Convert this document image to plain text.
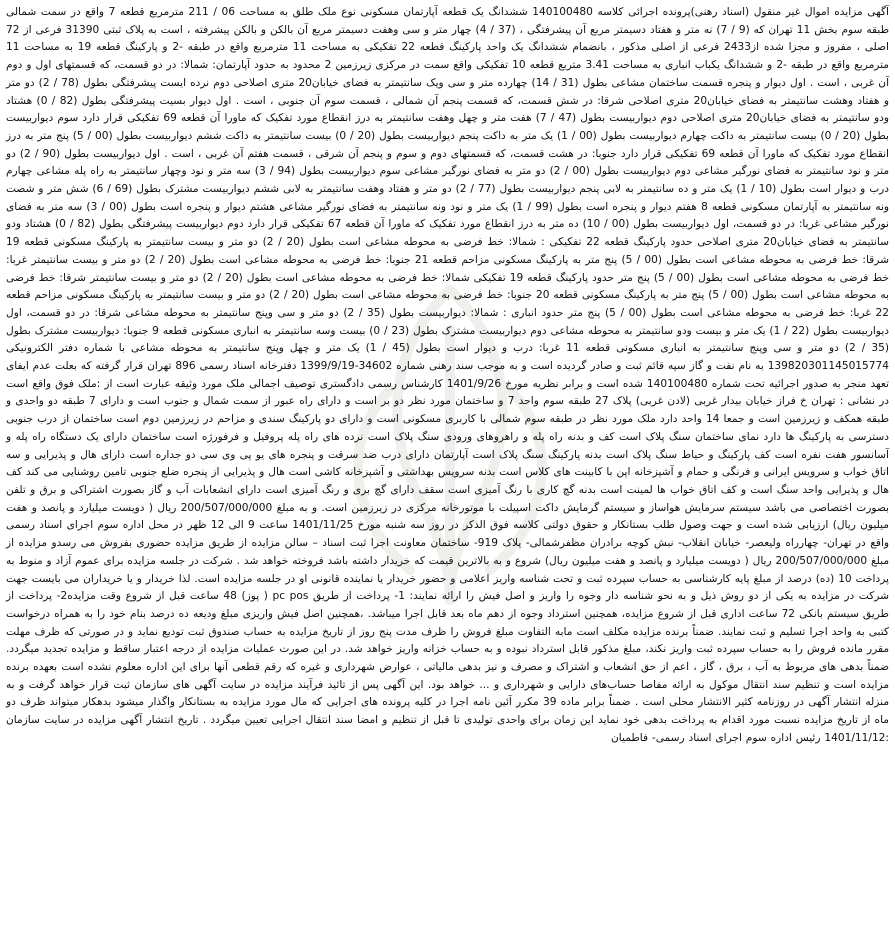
آگهی مزایده اموال غیر منقول (اسناد رهنی)پرونده اجرائی کلاسه 140100480 ششدانگ یک قطعه آپارتمان مسکونی نوع ملک طلق به مساحت 06 / 211 مترمربع قطعه 7 واقع در سمت شمالی طبقه سوم بخش 11 تهران که (9 / 7) نه متر و هفتاد دسیمتر مربع آن پیشرفتگی ، (37 / 4) چهار متر و سی وهفت دسیمتر مربع آن بالکن و بالکن پیشرفته ، است به پلاک ثبتی 31390 فرعی از 72 اصلی ، مفروز و مجزا شده از2433 فرعی از اصلی مذکور ، بانضمام ششدانگ یک واحد پارکینگ قطعه 22 تفکیکی به مساحت 11 مترمربع واقع در طبقه -2 و پارکینگ قطعه 19 به مساحت 11 مترمربع واقع در طبقه -2 و ششدانگ یکباب انباری به مساحت 3.41 متربع قطعه 10 تفکیکی واقع سمت در مرکزی زیرزمین 2 محدود به حدود آپارتمان: شمالا: در دو قسمت، که قسمتهای اول و دوم آن غربی ، است . اول دیوار و پنجره قسمت ساختمان مشاعی بطول (31 / 14) چهارده متر و سی ویک سانتیمتر به فضای خیابان20 متری اصلاحی دوم نرده ایست پیشرفتگی بطول (78 / 2) دو متر و هفتاد وهشت سانتیمتر به فضای خیابان20 متری اصلاحی شرقا: در شش قسمت، که قسمت پنجم آن شمالی ، قسمت سوم آن جنوبی ، است . اول دیوار بسیت پیشرفتگی بطول (82 / 0) هشتاد ودو سانتیمتر به فضای خیابان20 متری اصلاحی دوم دیواربیست بطول (47 / 7) هفت متر و چهل وهفت سانتیمتر به درز انقطاع مورد تفکیک که ماورا آن قطعه 69 تفکیکی قرار دارد سوم دیواربیست بطول (20 / 0) بیست سانتیمتر به داکت چهارم دیواربیست بطول (00 / 1) یک متر به داکت پنجم دیواربیست بطول (20 / 0) بیست سانتیمتر به داکت ششم دیواربیست بطول (00 / 5) پنج متر به درز انقطاع مورد تفکیک که ماورا آن قطعه 69 تفکیکی قرار دارد جنوبا: در هشت قسمت، که قسمتهای دوم و سوم و پنجم آن شرقی ، قسمت هفتم آن غربی ، است . اول دیواربیست بطول (90 / 2) دو متر و نود سانتیمتر به فضای نورگیر مشاعی دوم دیواربیست بطول (00 / 2) دو متر به فضای نورگیر مشاعی سوم دیواربیست بطول (94 / 3) سه متر و نود وچهار سانتیمتر به راه پله مشاعی چهارم درب و دیوار است بطول (10 / 1) یک متر و ده سانتیمتر به لابی پنجم دیواربیست بطول (77 / 2) دو متر و هفتاد وهفت سانتیمتر به لابی ششم دیواربیست مشترک بطول (69 / 6) شش متر و شصت ونه سانتیمتر به آپارتمان مسکونی قطعه 8 هفتم دیوار و پنجره است بطول (99 / 1) یک متر و نود ونه سانتیمتر به فضای نورگیر مشاعی هشتم دیوار و پنجره است بطول (00 / 3) سه متر به فضای نورگیر مشاعی غربا: در دو قسمت، اول دیواربیست بطول (00 / 10) ده متر به درز انقطاع مورد تفکیک که ماورا آن قطعه 67 تفکیکی قرار دارد دوم دیواربیست پیشرفتگی بطول (82 / 0) هشتاد ودو سانتیمتر به فضای خیابان20 متری اصلاحی حدود پارکینگ قطعه 22 تفکیکی : شمالا: خط فرضی به محوطه مشاعی است بطول (20 / 2) دو متر و بیست سانتیمتر به پارکینگ مسکونی قطعه 19 شرقا: خط فرضی به محوطه مشاعی است بطول (00 / 5) پنج متر به پارکینگ مسکونی مزاحم قطعه 21 جنوبا: خط فرضی به محوطه مشاعی است بطول (20 / 2) دو متر و بیست سانتیمتر غربا: خط فرضی به محوطه مشاعی است بطول (00 / 5) پنج متر حدود پارکینگ قطعه 19 تفکیکی شمالا: خط فرضی به محوطه مشاعی است بطول (20 / 2) دو متر و بیست سانتیمتر شرقا: خط فرضی به محوطه مشاعی است بطول (00 / 5) پنج متر به پارکینگ مسکونی قطعه 20 جنوبا: خط فرضی به محوطه مشاعی است بطول (20 / 2) دو متر و بیست سانتیمتر به پارکینگ مسکونی مزاحم قطعه 22 غربا: خط فرضی به محوطه مشاعی است بطول (00 / 5) پنج متر حدود انباری : شمالا: دیواربیست بطول (35 / 2) دو متر و سی وپنج سانتیمتر به محوطه مشاعی شرقا: در دو قسمت، اول دیواربیست بطول (22 / 1) یک متر و بیست ودو سانتیمتر به محوطه مشاعی دوم دیواربیست مشترک بطول (23 / 0) بیست وسه سانتیمتر به انباری مسکونی قطعه 9 جنوبا: دیواربیست مشترک بطول (35 / 2) دو متر و سی وپنج سانتیمتر به انباری مسکونی قطعه 11 غربا: درب و دیوار است بطول (45 / 1) یک متر و چهل وپنج سانتیمتر به محوطه مشاعی با شماره دفتر الکترونیکی 139820301145015774 به نام نفت و گاز سپه قائم ثبت و صادر گردیده است و به موجب سند رهنی شماره 34602-1399/9/19 دفترخانه اسناد رسمی 896 تهران قرار گرفته که بعلت عدم ایفای تعهد منجر به صدور اجرائیه تحت شماره 140100480 شده است و برابر نظریه مورخ 1401/9/26 کارشناس رسمی دادگستری توصیف اجمالی ملک مورد وثیقه عبارت است از :ملک فوق واقع است در نشانی : تهران خ فراز خیابان بیدار غربی (لادن غربی) پلاک 27 طبقه سوم واحد 7 و ساختمان مورد نظر دو بر است و دارای راه عبور از سمت شمال و جنوب است و دارای 7 طبقه دو واحدی و طبقه همکف و زیرزمین است و جمعا 14 واحد دارد ملک مورد نظر در طبقه سوم شمالی با کاربری مسکونی است و دارای دو پارکینگ سندی و مزاحم در زیرزمین دوم است ساختمان از درب جنوبی دسترسی به پارکینگ ها دارد نمای ساختمان سنگ پلاک است کف و بدنه راه پله و راهروهای ورودی سنگ پلاک است نرده های راه پله پروفیل و فرفورژه است ساختمان دارای یک دستگاه راه پله و آسانسور هفت نفره است کف پارکینگ و حیاط سنگ پلاک است بدنه پارکینگ سنگ پلاک است آپارتمان دارای درب ضد سرقت و پنجره های یو پی وی سی دو جداره است دارای هال و پذیرایی و سه اتاق خواب و سرویس ایرانی و فرنگی و حمام و آشپزخانه اپن با کابینت های کلاس است بدنه سرویس بهداشتی و آشپزخانه کاشی است هال و پذیرایی از پنجره ضلع جنوبی تامین روشنایی می کند کف هال و پذیرایی واحد سنگ است و کف اتاق خواب ها لمینت است بدنه گچ کاری با رنگ آمیزی است سقف دارای گچ بری و رنگ آمیزی است دارای انشعابات آب و گاز بصورت اشتراکی و برق و تلفن بصورت اختصاصی می باشد سیستم سرمایش هواساز و سیستم گرمایش داکت اسپیلت با موتورخانه مرکزی در زیرزمین است. و به مبلغ 200/507/000/000 ریال ( دویست میلیارد و پانصد و هفت میلیون ریال) ارزیابی شده است و جهت وصول طلب بستانکار و حقوق دولتی کلاسه فوق الذکر در روز سه شنبه مورخ 1401/11/25 ساعت 9 الی 12 ظهر در محل اداره سوم اجرای اسناد رسمی واقع در تهران- چهارراه ولیعصر- خیابان انقلاب- نبش کوچه برادران مظفرشمالی- پلاک 919- ساختمان معاونت اجرا ثبت اسناد – سالن مزایده از طریق مزایده حضوری بفروش می رسدو مزایده از مبلغ 200/507/000/000 ریال ( دویست میلیارد و پانصد و هفت میلیون ریال) شروع و به بالاترین قیمت که خریدار داشته باشد فروخته خواهد شد . شرکت در جلسه مزایده برای عموم آزاد و منوط به پرداخت 10 (ده) درصد از مبلغ پایه کارشناسی به حساب سپرده ثبت و تحت شناسه واریز اعلامی و حضور خریدار یا نماینده قانونی او در جلسه مزایده است. لذا خریدار و یا خریداران می بایست جهت شرکت در مزایده به یکی از دو روش ذیل و به نحو شناسه دار وجوه را واریز و اصل فیش را ارائه نمایند: 1- پرداخت از طریق pc pos ( پوز) 48 ساعت قبل از شروع وقت مزایده2- پرداخت از طریق سیستم بانکی 72 ساعت اداری قبل از شروع مزایده، همچنین استرداد وجوه از دهم ماه بعد قابل اجرا میباشد. ،همچنین اصل فیش واریزی مبلغ ودیعه ده درصد بنام خود را به همراه درخواست کتبی به واحد اجرا تسلیم و ثبت نمایند. ضمناً برنده مزایده مکلف است مابه التفاوت مبلغ فروش را ظرف مدت پنج روز از تاریخ مزایده به حساب صندوق ثبت تودیع نماید و در صورتی که ظرف مهلت مقرر مانده فروش را به حساب سپرده ثبت واریز نکند، مبلغ مذکور قابل استرداد نبوده و به حساب خزانه واریز خواهد شد. در این صورت عملیات مزایده از درجه اعتبار ساقط و مزایده تجدید میگردد. ضمناً بدهی های مربوط به آب ، برق ، گاز ، اعم از حق انشعاب و اشتراک و مصرف و نیز بدهی مالیاتی ، عوارض شهرداری و غیره که رقم قطعی آنها برای این اداره معلوم نشده است بعهده برنده مزایده است و تنظیم سند انتقال موکول به ارائه مفاصا حساب‌های دارایی و شهرداری و ... خواهد بود. این آگهی پس از تائید فرآیند مزایده در سایت آگهی های سازمان ثبت قرار خواهد گرفت و به منزله انتشار آگهی در روزنامه کثیر الانتشار محلی است . ضمناً برابر ماده 39 مکرر آئین نامه اجرا در کلیه پرونده های اجرایی که مال مورد مزایده به بستانکار واگذار میشود بدهکار میتواند ظرف دو ماه از تاریخ مزایده نسبت مورد اقدام به پرداخت بدهی خود نماید این زمان برای واحدی تولیدی تا قبل از تنظیم و امضا سند انتقال اجرایی تعیین میگردد . تاریخ انتشار آگهی مزایده در سایت سازمان :1401/11/12 رئیس اداره سوم اجرای اسناد رسمی- فاطمیان
